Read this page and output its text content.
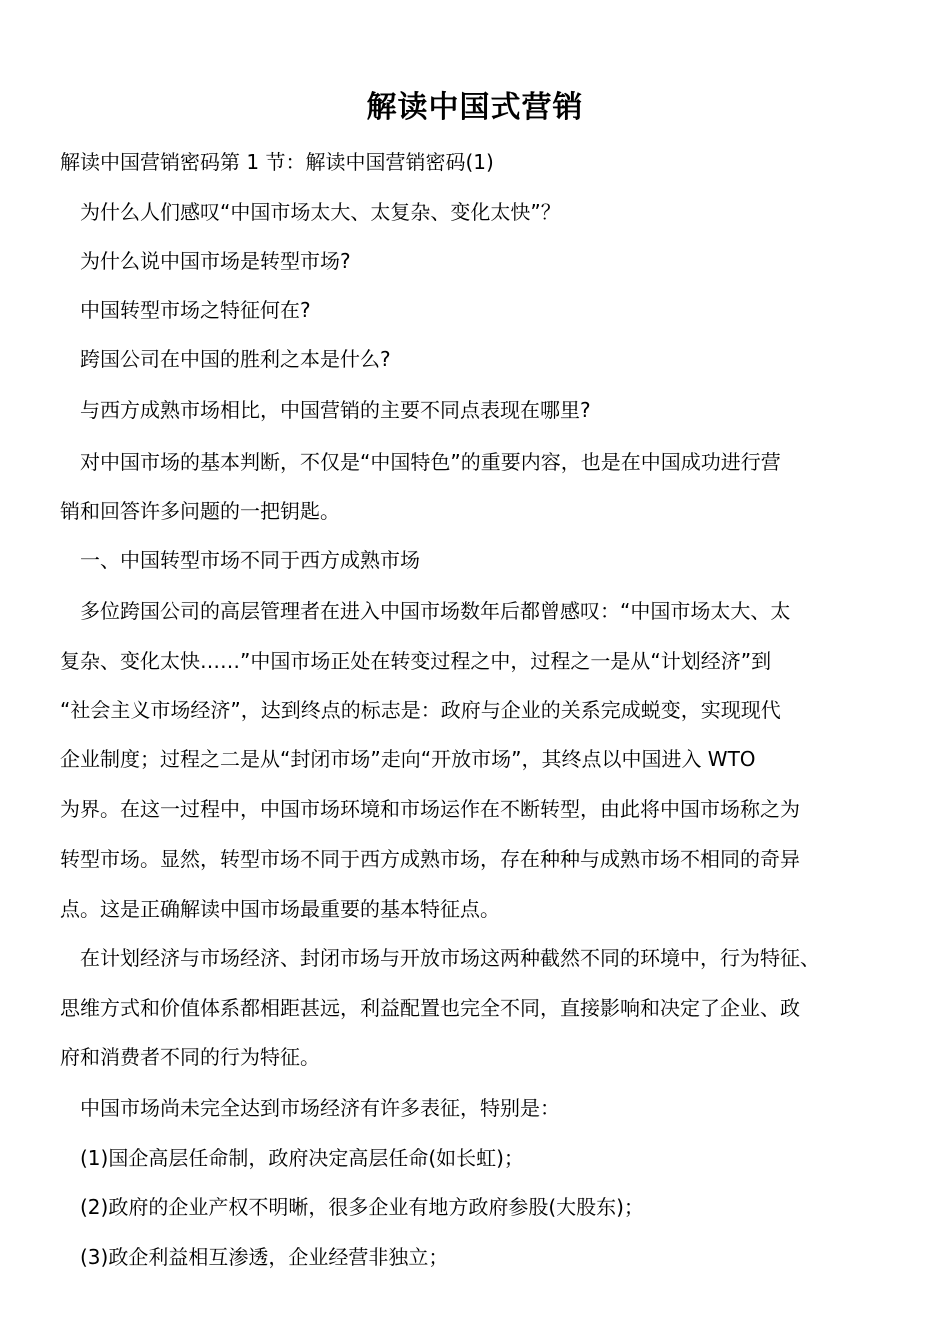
解读中国式营销
解读中国营销密码第 1 节：解读中国营销密码(1)
为什么人们感叹“中国市场太大、太复杂、变化太快”？
为什么说中国市场是转型市场?
中国转型市场之特征何在?
跨国公司在中国的胜利之本是什么?
与西方成熟市场相比，中国营销的主要不同点表现在哪里?
对中国市场的基本判断，不仅是“中国特色”的重要内容，也是在中国成功进行营
销和回答许多问题的一把钥匙。
一、中国转型市场不同于西方成熟市场
多位跨国公司的高层管理者在进入中国市场数年后都曾感叹：“中国市场太大、太
复杂、变化太快……”中国市场正处在转变过程之中，过程之一是从“计划经济”到
“社会主义市场经济”，达到终点的标志是：政府与企业的关系完成蜕变，实现现代
企业制度；过程之二是从“封闭市场”走向“开放市场”，其终点以中国进入 WTO
为界。在这一过程中，中国市场环境和市场运作在不断转型，由此将中国市场称之为
转型市场。显然，转型市场不同于西方成熟市场，存在种种与成熟市场不相同的奇异
点。这是正确解读中国市场最重要的基本特征点。
在计划经济与市场经济、封闭市场与开放市场这两种截然不同的环境中，行为特征、
思维方式和价值体系都相距甚远，利益配置也完全不同，直接影响和决定了企业、政
府和消费者不同的行为特征。
中国市场尚未完全达到市场经济有许多表征，特别是：
(1)国企高层任命制，政府决定高层任命(如长虹)；
(2)政府的企业产权不明晰，很多企业有地方政府参股(大股东)；
(3)政企利益相互渗透，企业经营非独立；
